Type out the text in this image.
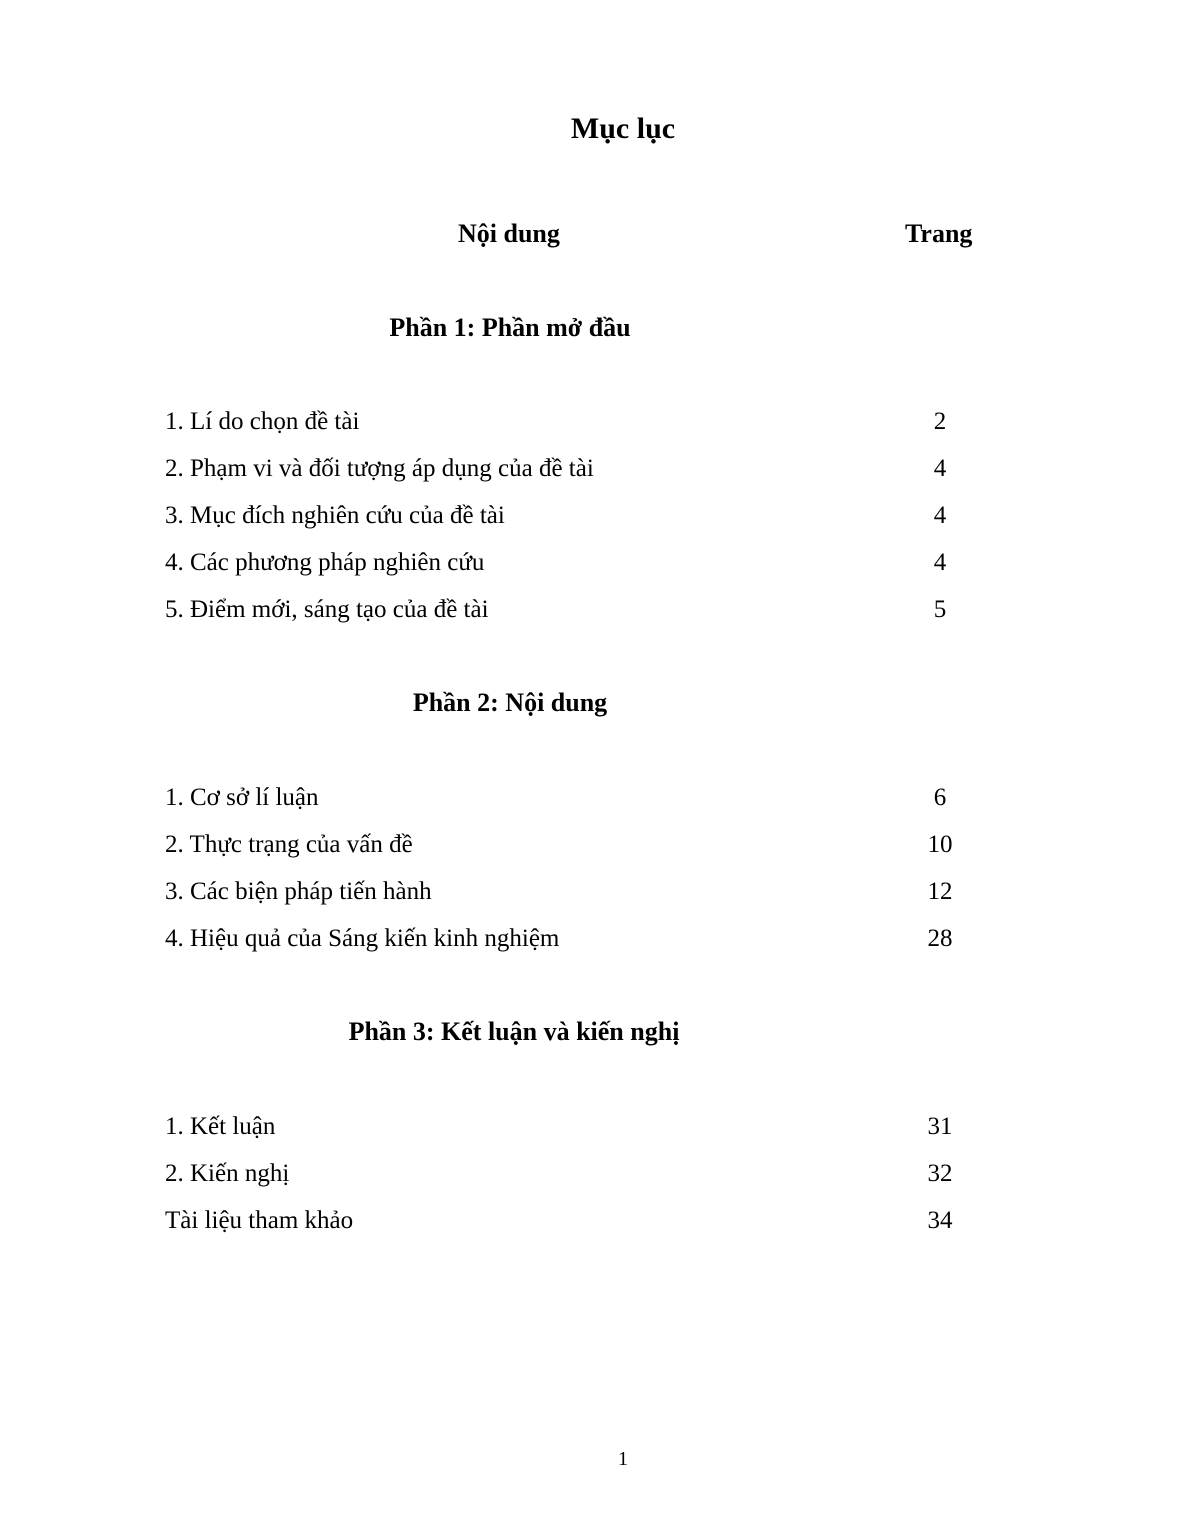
Mục lục
Nội dung	Trang
Phần 1: Phần mở đầu
1. Lí do chọn đề tài	2
2. Phạm vi và đối tượng áp dụng của đề tài	4
3. Mục đích nghiên cứu của đề tài	4
4. Các phương pháp nghiên cứu	4
5. Điểm mới, sáng tạo của đề tài	5
Phần 2: Nội dung
1. Cơ sở lí luận	6
2. Thực trạng của vấn đề	10
3. Các biện pháp tiến hành	12
4. Hiệu quả của Sáng kiến kinh nghiệm	28
Phần 3: Kết luận và kiến nghị
1. Kết luận	31
2. Kiến nghị	32
Tài liệu tham khảo	34
1
